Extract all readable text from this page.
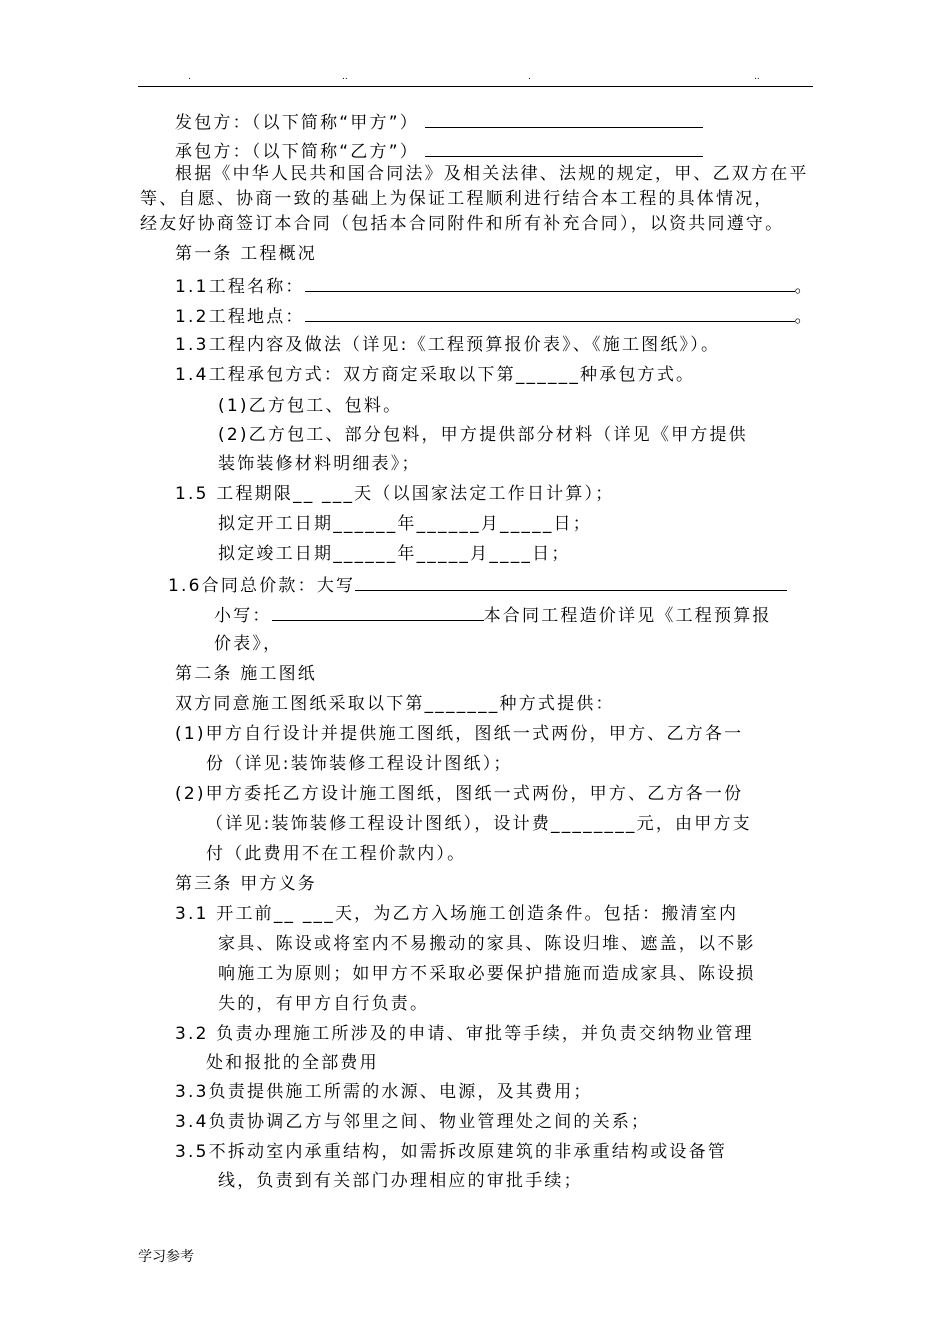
.	..	.	..
发包方：（以下简称“甲方”）
承包方：（以下简称“乙方”）
根据《中华人民共和国合同法》及相关法律、法规的规定，甲、乙双方在平
等、自愿、协商一致的基础上为保证工程顺利进行结合本工程的具体情况，
经友好协商签订本合同（包括本合同附件和所有补充合同），以资共同遵守。
第一条 工程概况
1.1工程名称：	。
1.2工程地点：	。
1.3工程内容及做法（详见:《工程预算报价表》、《施工图纸》）。
1.4工程承包方式：双方商定采取以下第______种承包方式。
(1)乙方包工、包料。
(2)乙方包工、部分包料，甲方提供部分材料（详见《甲方提供
装饰装修材料明细表》；
1.5 工程期限__ ___天（以国家法定工作日计算）；
拟定开工日期______年______月_____日；
拟定竣工日期______年_____月____日；
1.6合同总价款：大写
小写：	本合同工程造价详见《工程预算报
价表》，
第二条 施工图纸
双方同意施工图纸采取以下第_______种方式提供：
(1)甲方自行设计并提供施工图纸，图纸一式两份，甲方、乙方各一
份（详见:装饰装修工程设计图纸）；
(2)甲方委托乙方设计施工图纸，图纸一式两份，甲方、乙方各一份
（详见:装饰装修工程设计图纸），设计费________元，由甲方支
付（此费用不在工程价款内）。
第三条 甲方义务
3.1 开工前__ ___天，为乙方入场施工创造条件。包括：搬清室内
家具、陈设或将室内不易搬动的家具、陈设归堆、遮盖，以不影
响施工为原则；如甲方不采取必要保护措施而造成家具、陈设损
失的，有甲方自行负责。
3.2 负责办理施工所涉及的申请、审批等手续，并负责交纳物业管理
处和报批的全部费用
3.3负责提供施工所需的水源、电源，及其费用；
3.4负责协调乙方与邻里之间、物业管理处之间的关系；
3.5不拆动室内承重结构，如需拆改原建筑的非承重结构或设备管
线，负责到有关部门办理相应的审批手续；
学习参考
